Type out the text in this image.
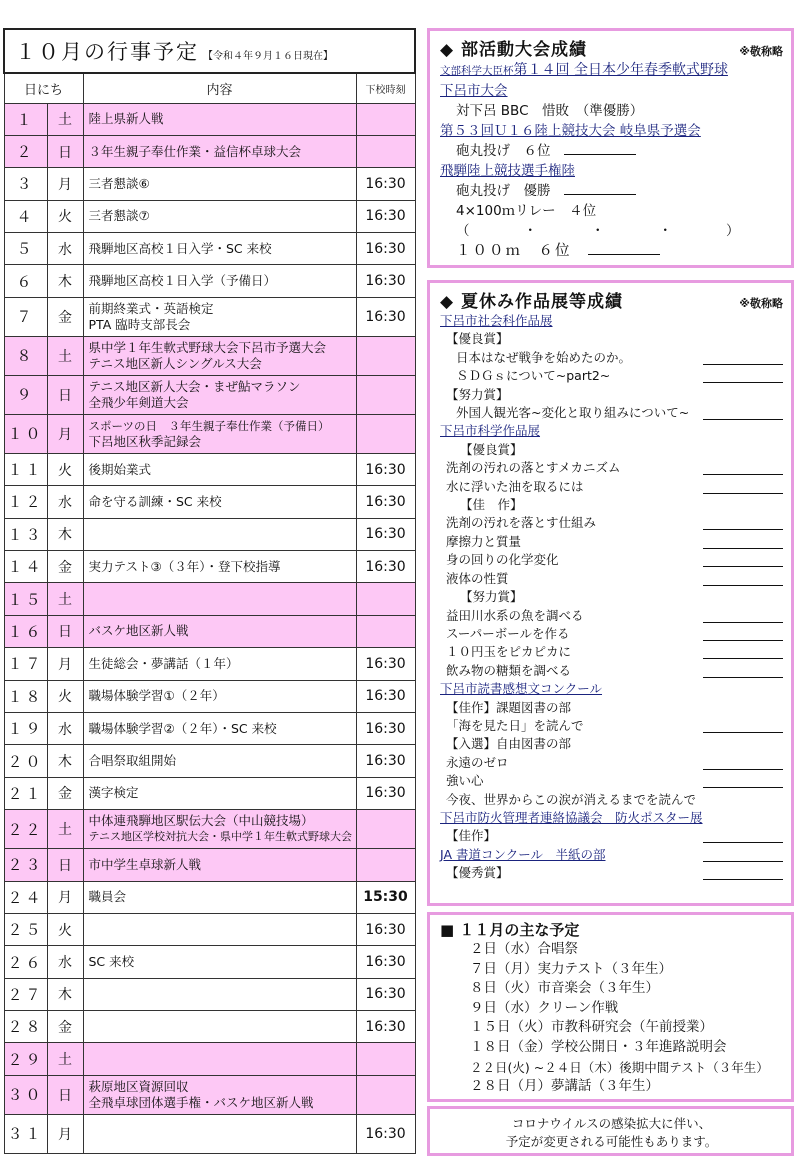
１０月の行事予定 【令和４年９月１６日現在】			
日にち		内容	下校時刻
１	土	陸上県新人戦	

２	日	３年生親子奉仕作業・益信杯卓球大会	

３	月	三者懇談⑥	16:30
４	火	三者懇談⑦	16:30
５	水	飛騨地区高校１日入学・SC 来校	16:30
６	木	飛騨地区高校１日入学（予備日）	16:30
７	金	前期終業式・英語検定
PTA 臨時支部長会	16:30
８	土	県中学１年生軟式野球大会下呂市予選大会
テニス地区新人シングルス大会	

９	日	テニス地区新人大会・まぜ鮎マラソン
全飛少年剣道大会	

１０	月	スポーツの日　３年生親子奉仕作業（予備日）
下呂地区秋季記録会	

１１	火	後期始業式	16:30
１２	水	命を守る訓練・SC 来校	16:30
１３	木		16:30
１４	金	実力テスト③（３年）・登下校指導	16:30
１５	土	

１６	日	バスケ地区新人戦	

１７	月	生徒総会・夢講話（１年）	16:30
１８	火	職場体験学習①（２年）	16:30
１９	水	職場体験学習②（２年）・SC 来校	16:30
２０	木	合唱祭取組開始	16:30
２１	金	漢字検定	16:30
２２	土	中体連飛騨地区駅伝大会（中山競技場）
テニス地区学校対抗大会・県中学１年生軟式野球大会	

２３	日	市中学生卓球新人戦	

２４	月	職員会	15:30
２５	火		16:30
２６	水	SC 来校	16:30
２７	木		16:30
２８	金		16:30
２９	土	

３０	日	萩原地区資源回収
全飛卓球団体選手権・バスケ地区新人戦	

３１	月		16:30
◆ 部活動大会成績	※敬称略
文部科学大臣杯第１４回 全日本少年春季軟式野球
下呂市大会
対下呂 BBC　惜敗　（準優勝）
第５３回Ｕ１６陸上競技大会 岐阜県予選会
砲丸投げ　６位　
飛騨陸上競技選手権陸
砲丸投げ　優勝　
4×100ｍリレー　４位
（　　　　・　　　　・　　　　・　　　　）
１００ｍ　６位　
◆ 夏休み作品展等成績	※敬称略
下呂市社会科作品展
【優良賞】
日本はなぜ戦争を始めたのか。
ＳＤＧｓについて~part2~
【努力賞】
外国人観光客~変化と取り組みについて~
下呂市科学作品展
【優良賞】
洗剤の汚れの落とすメカニズム
水に浮いた油を取るには
【佳　作】
洗剤の汚れを落とす仕組み
摩擦力と質量
身の回りの化学変化
液体の性質
【努力賞】
益田川水系の魚を調べる
スーパーボールを作る
１０円玉をピカピカに
飲み物の糖類を調べる
下呂市読書感想文コンクール
【佳作】課題図書の部
「海を見た日」を読んで
【入選】自由図書の部
永遠のゼロ
強い心
今夜、世界からこの涙が消えるまでを読んで
下呂市防火管理者連絡協議会　防火ポスター展
【佳作】
JA 書道コンクール　半紙の部
【優秀賞】
■ １１月の主な予定
２日（水）合唱祭
７日（月）実力テスト（３年生）
８日（火）市音楽会（３年生）
９日（水）クリーン作戦
１５日（火）市教科研究会（午前授業）
１８日（金）学校公開日・３年進路説明会
２２日(火) ~２４日（木）後期中間テスト（３年生）
２８日（月）夢講話（３年生）
コロナウイルスの感染拡大に伴い、
予定が変更される可能性もあります。
